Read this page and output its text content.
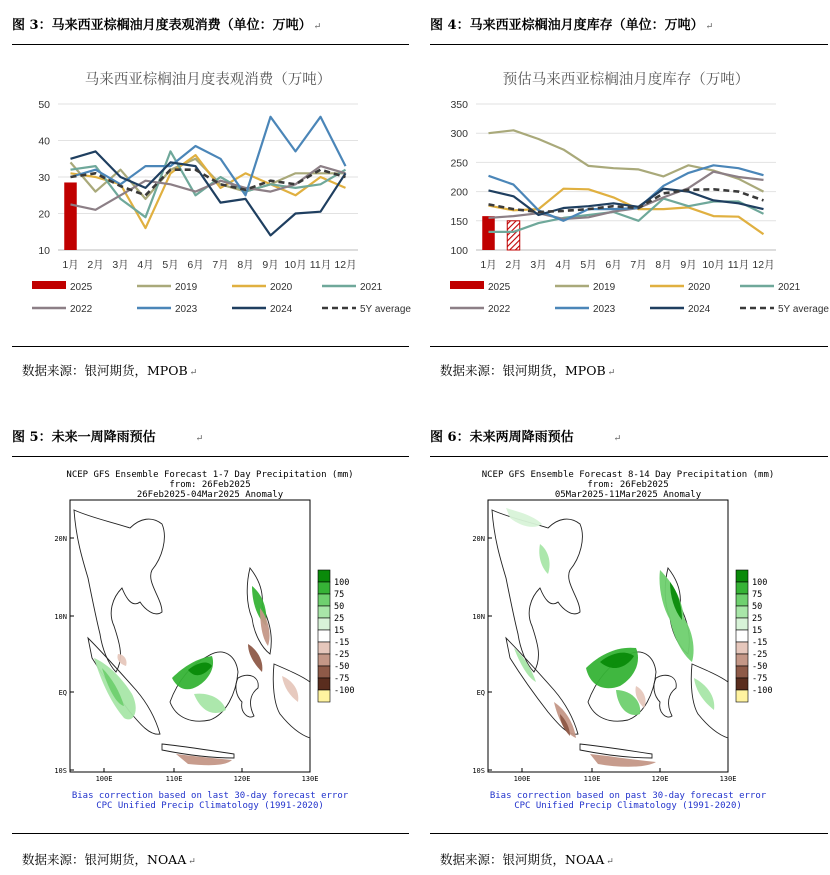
图 3：马来西亚棕榈油月度表观消费（单位：万吨） ↵
马来西亚棕榈油月度表观消费（万吨）
10
20
30
40
50
1月 2月 3月 4月 5月 6月 7月 8月 9月 10月 11月 12月
2025	2019	2020	2021
2022	2023	2024	5Y average
数据来源：银河期货，MPOB ↵
图 4：马来西亚棕榈油月度库存（单位：万吨） ↵
预估马来西亚棕榈油月度库存（万吨）
100
150
200
250
300
350
1月 2月 3月 4月 5月 6月 7月 8月 9月 10月 11月 12月
2025	2019	2020	2021
2022	2023	2024	5Y average
数据来源：银河期货，MPOB ↵
图 5：未来一周降雨预估	↵
NCEP GFS Ensemble Forecast 1-7 Day Precipitation (mm)
from: 26Feb2025
26Feb2025-04Mar2025 Anomaly
20N
10N
EQ
10S
100E	110E	120E	130E
100
75
50
25
15
-15
-25
-50
-75
-100
Bias correction based on last 30-day forecast error
CPC Unified Precip Climatology (1991-2020)
数据来源：银河期货，NOAA ↵
图 6：未来两周降雨预估	↵
NCEP GFS Ensemble Forecast 8-14 Day Precipitation (mm)
from: 26Feb2025
05Mar2025-11Mar2025 Anomaly
20N
10N
EQ
10S
100E	110E	120E	130E
100
75
50
25
15
-15
-25
-50
-75
-100
Bias correction based on past 30-day forecast error
CPC Unified Precip Climatology (1991-2020)
数据来源：银河期货，NOAA ↵
